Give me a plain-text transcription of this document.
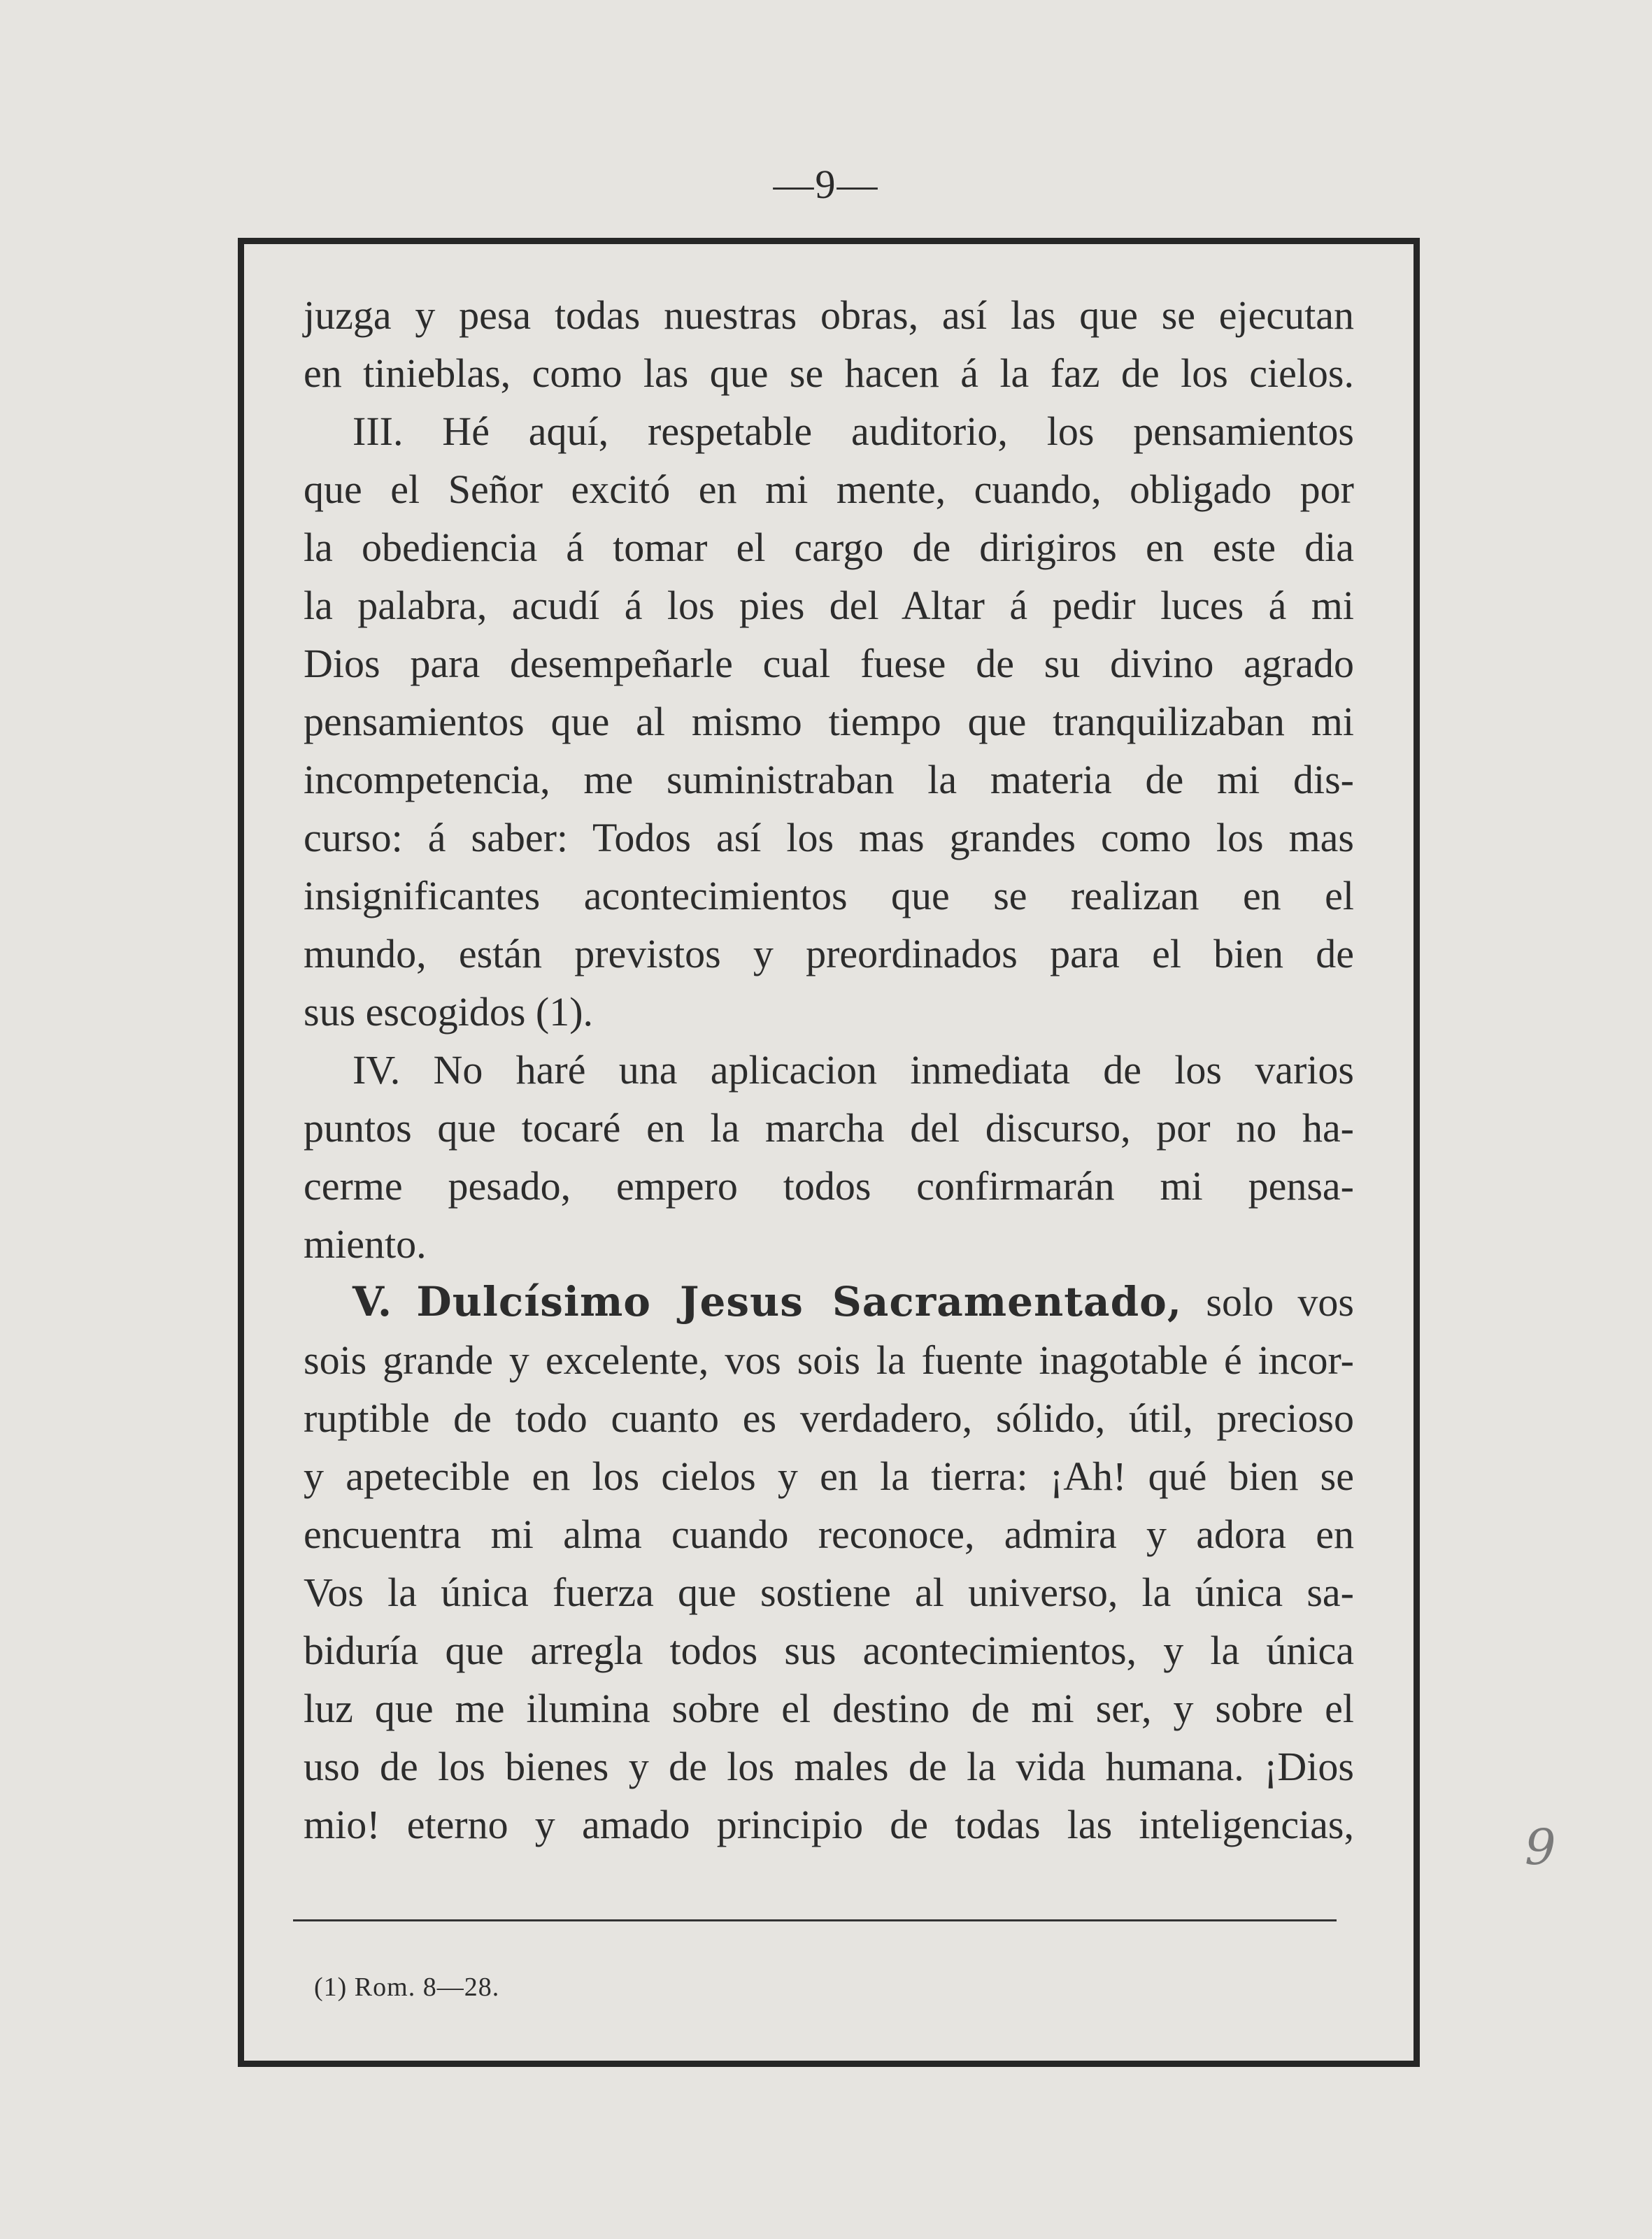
—9—
juzga y pesa todas nuestras obras, así las que se ejecutan
en tinieblas, como las que se hacen á la faz de los cielos.
III. Hé aquí, respetable auditorio, los pensamientos
que el Señor excitó en mi mente, cuando, obligado por
la obediencia á tomar el cargo de dirigiros en este dia
la palabra, acudí á los pies del Altar á pedir luces á mi
Dios para desempeñarle cual fuese de su divino agrado
pensamientos que al mismo tiempo que tranquilizaban mi
incompetencia, me suministraban la materia de mi dis-
curso: á saber: Todos así los mas grandes como los mas
insignificantes acontecimientos que se realizan en el
mundo, están previstos y preordinados para el bien de
sus escogidos (1).
IV. No haré una aplicacion inmediata de los varios
puntos que tocaré en la marcha del discurso, por no ha-
cerme pesado, empero todos confirmarán mi pensa-
miento.
V. Dulcísimo Jesus Sacramentado, solo vos
sois grande y excelente, vos sois la fuente inagotable é incor-
ruptible de todo cuanto es verdadero, sólido, útil, precioso
y apetecible en los cielos y en la tierra: ¡Ah! qué bien se
encuentra mi alma cuando reconoce, admira y adora en
Vos la única fuerza que sostiene al universo, la única sa-
biduría que arregla todos sus acontecimientos, y la única
luz que me ilumina sobre el destino de mi ser, y sobre el
uso de los bienes y de los males de la vida humana. ¡Dios
mio! eterno y amado principio de todas las inteligencias,
(1) Rom. 8—28.
9
